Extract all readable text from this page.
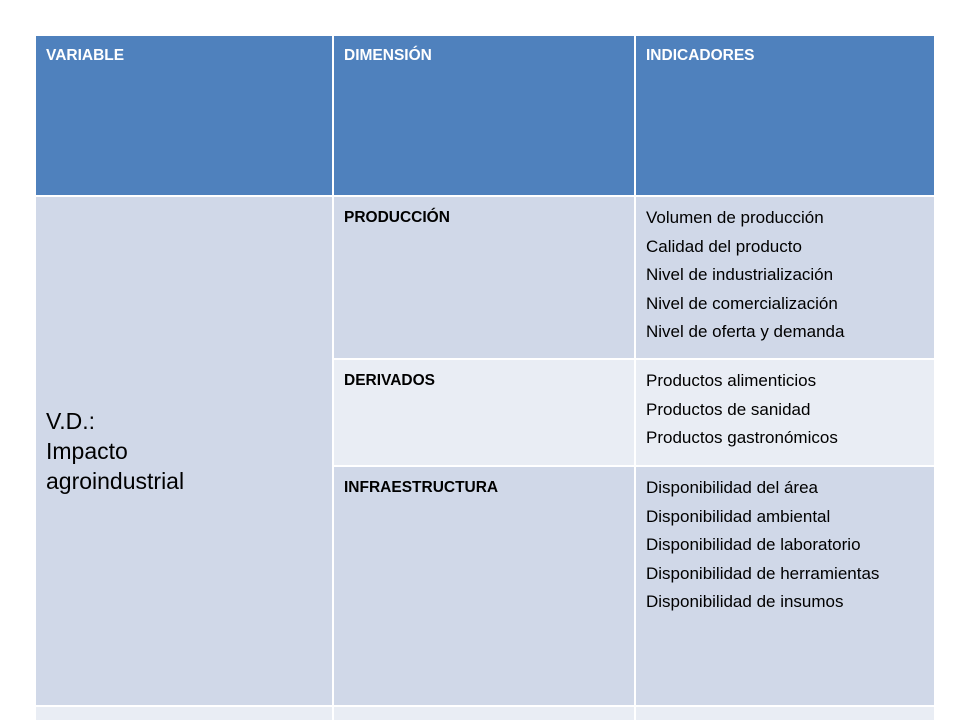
VARIABLE	DIMENSIÓN	INDICADORES

V.D.:
Impacto
agroindustrial	PRODUCCIÓN	Volumen de producción
Calidad del producto
Nivel de industrialización
Nivel de comercialización
Nivel de oferta y demanda

	DERIVADOS	Productos alimenticios
Productos de sanidad
Productos gastronómicos

	INFRAESTRUCTURA	Disponibilidad del área
Disponibilidad ambiental
Disponibilidad de laboratorio
Disponibilidad de herramientas
Disponibilidad de insumos
